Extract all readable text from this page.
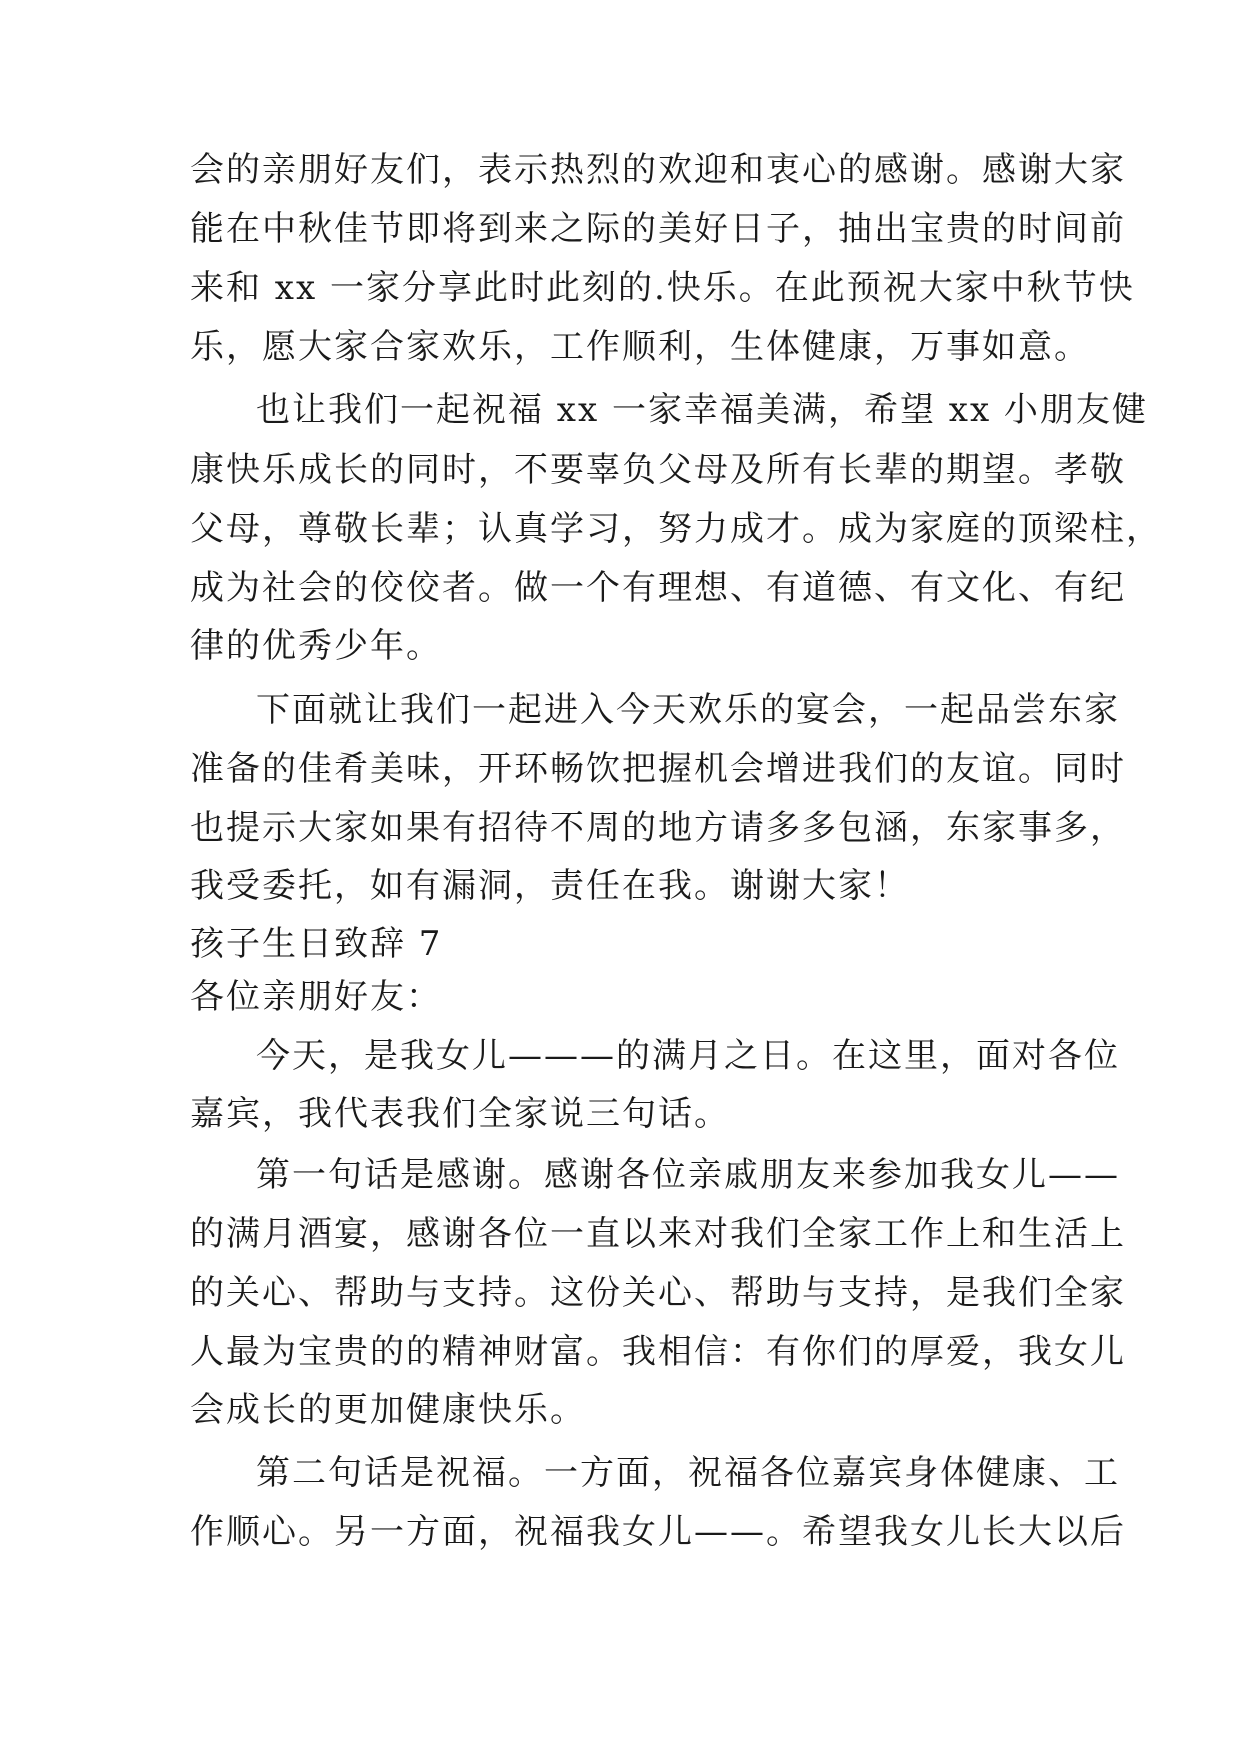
会的亲朋好友们，表示热烈的欢迎和衷心的感谢。感谢大家
能在中秋佳节即将到来之际的美好日子，抽出宝贵的时间前
来和 xx 一家分享此时此刻的.快乐。在此预祝大家中秋节快
乐，愿大家合家欢乐，工作顺利，生体健康，万事如意。
也让我们一起祝福 xx 一家幸福美满，希望 xx 小朋友健
康快乐成长的同时，不要辜负父母及所有长辈的期望。孝敬
父母，尊敬长辈；认真学习，努力成才。成为家庭的顶梁柱，
成为社会的佼佼者。做一个有理想、有道德、有文化、有纪
律的优秀少年。
下面就让我们一起进入今天欢乐的宴会，一起品尝东家
准备的佳肴美味，开环畅饮把握机会增进我们的友谊。同时
也提示大家如果有招待不周的地方请多多包涵，东家事多，
我受委托，如有漏洞，责任在我。谢谢大家！
孩子生日致辞 7
各位亲朋好友：
今天，是我女儿———的满月之日。在这里，面对各位
嘉宾，我代表我们全家说三句话。
第一句话是感谢。感谢各位亲戚朋友来参加我女儿——
的满月酒宴，感谢各位一直以来对我们全家工作上和生活上
的关心、帮助与支持。这份关心、帮助与支持，是我们全家
人最为宝贵的的精神财富。我相信：有你们的厚爱，我女儿
会成长的更加健康快乐。
第二句话是祝福。一方面，祝福各位嘉宾身体健康、工
作顺心。另一方面，祝福我女儿——。希望我女儿长大以后
